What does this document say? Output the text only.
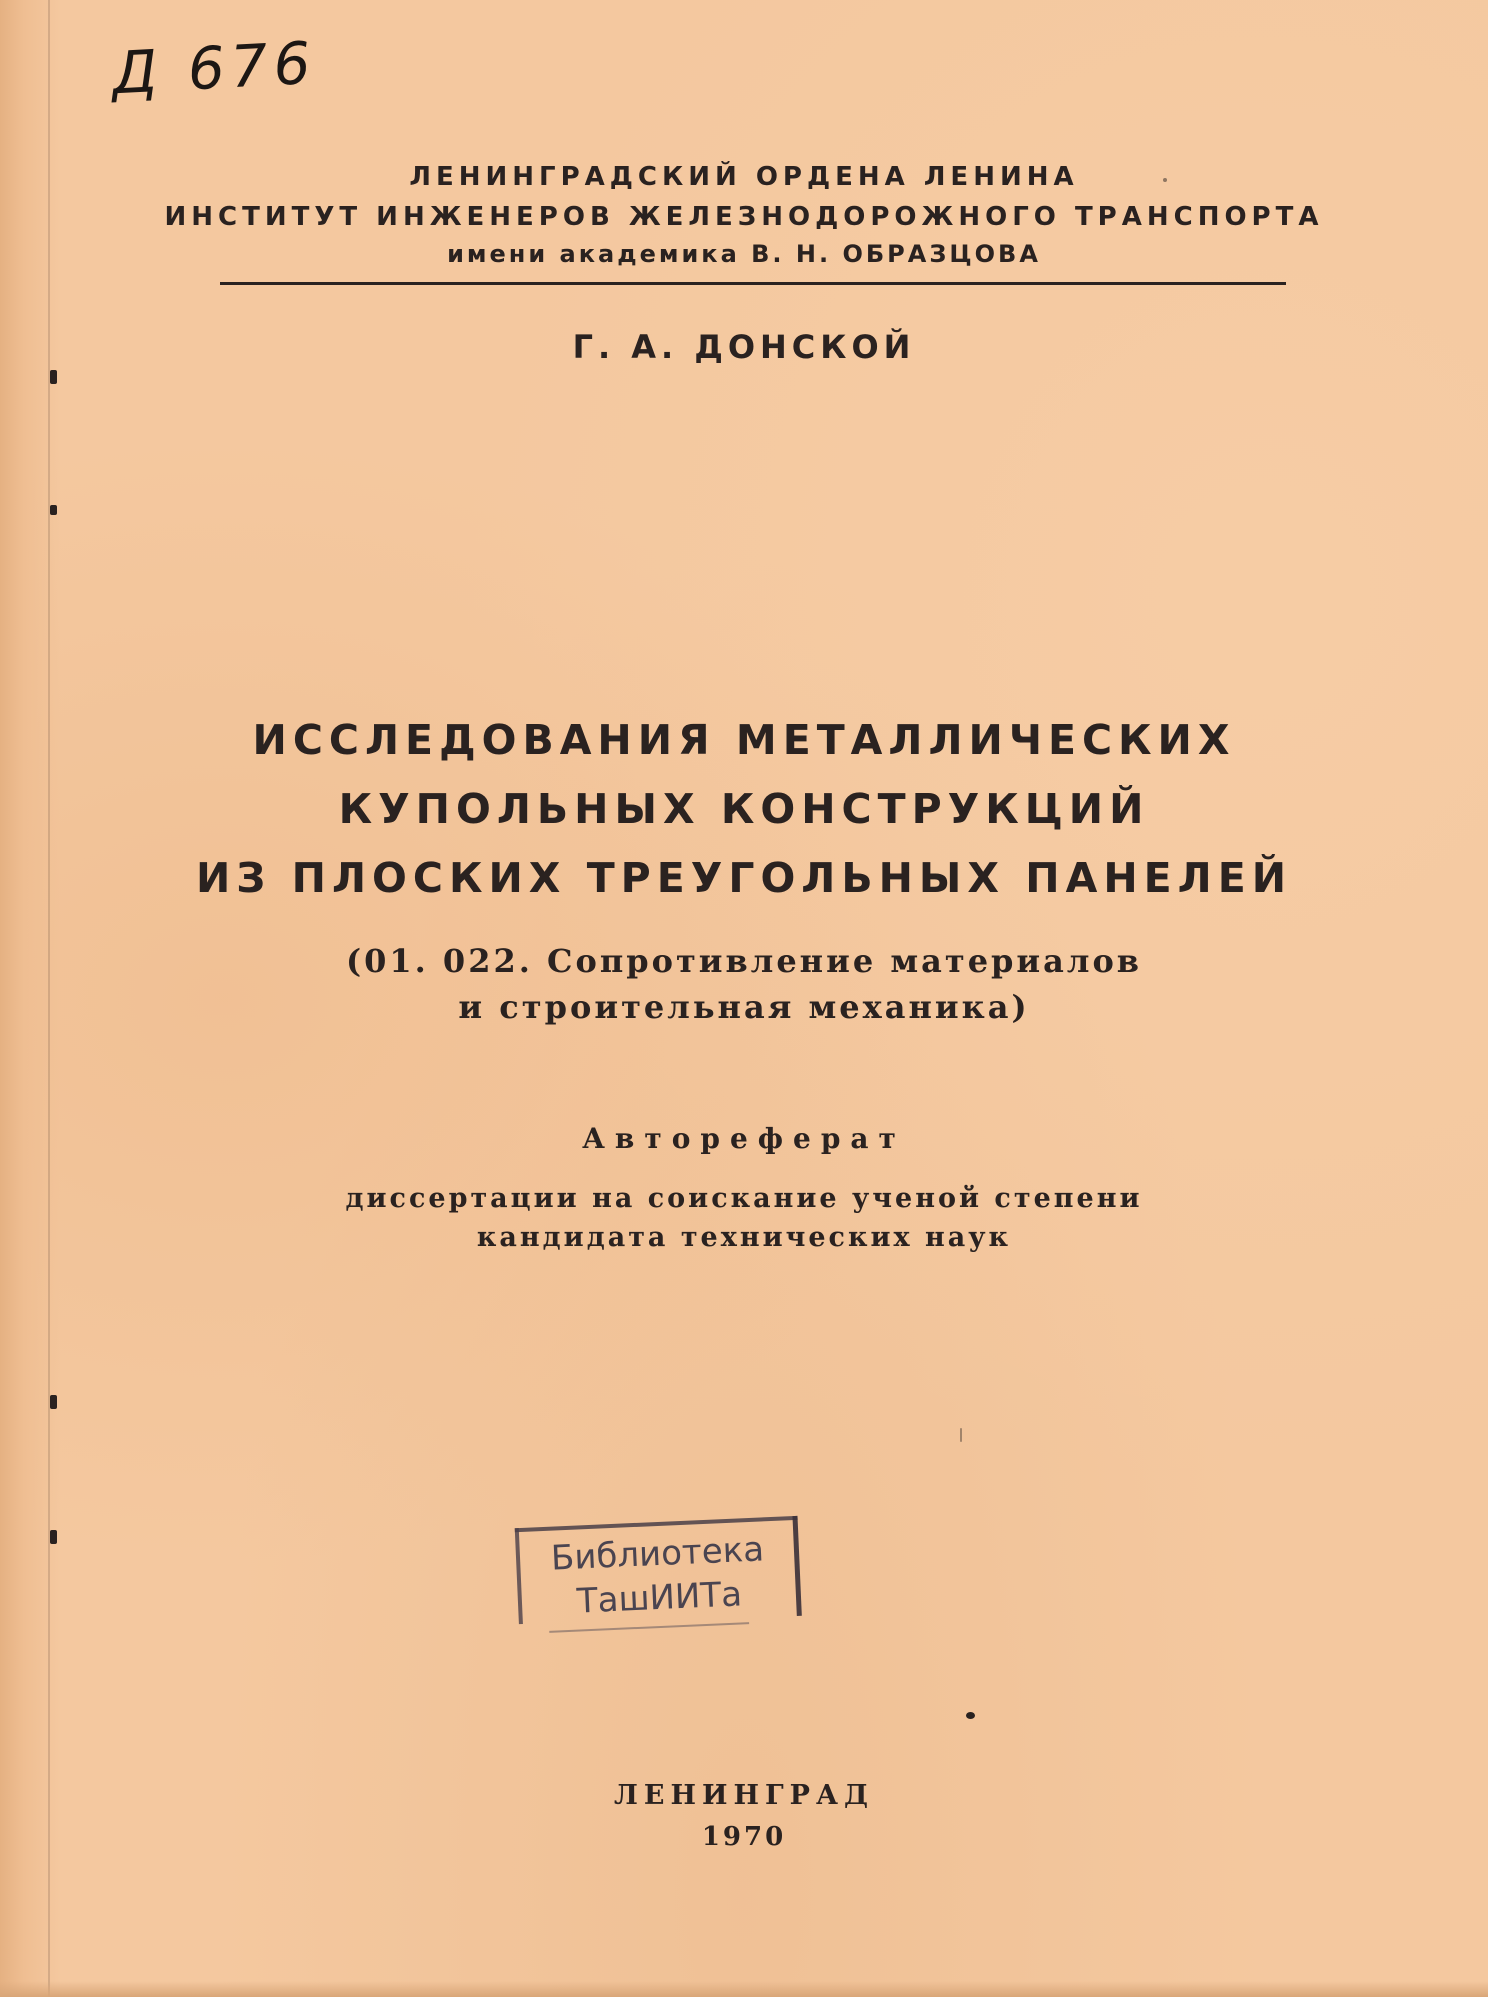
Д 676
ЛЕНИНГРАДСКИЙ ОРДЕНА ЛЕНИНА
ИНСТИТУТ ИНЖЕНЕРОВ ЖЕЛЕЗНОДОРОЖНОГО ТРАНСПОРТА
имени академика В. Н. ОБРАЗЦОВА
Г. А. ДОНСКОЙ
ИССЛЕДОВАНИЯ МЕТАЛЛИЧЕСКИХ
КУПОЛЬНЫХ КОНСТРУКЦИЙ
ИЗ ПЛОСКИХ ТРЕУГОЛЬНЫХ ПАНЕЛЕЙ
(01. 022. Сопротивление материалов
и строительная механика)
Автореферат
диссертации на соискание ученой степени
кандидата технических наук
Библиотека
ТашИИТа
ЛЕНИНГРАД
1970
